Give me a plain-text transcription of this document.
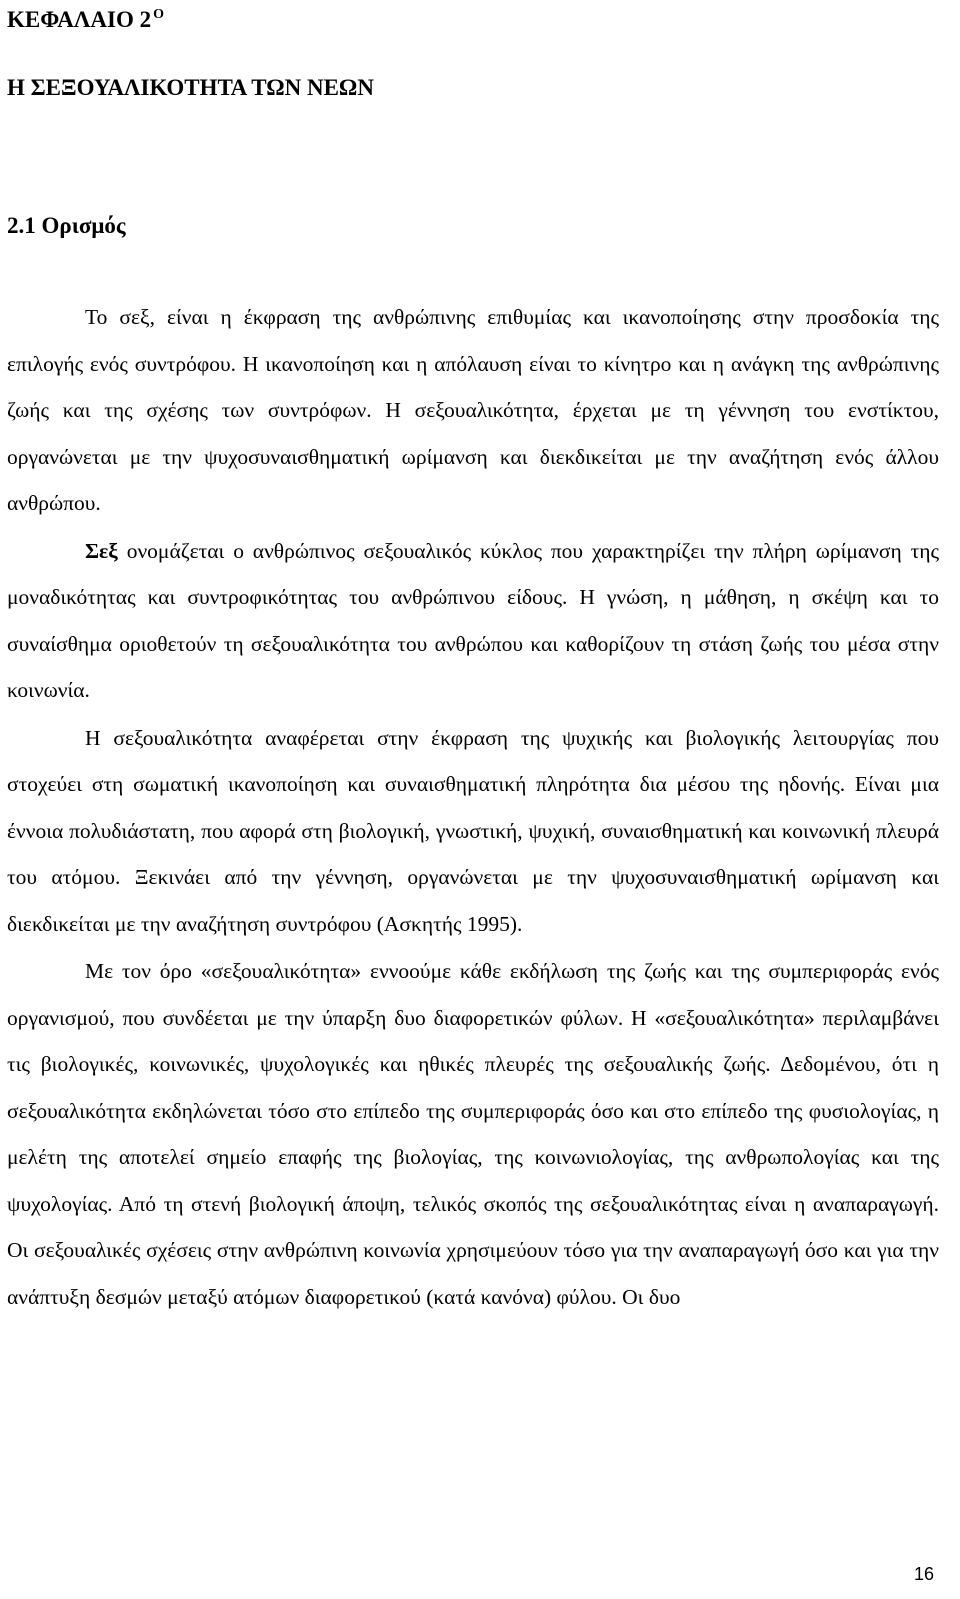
ΚΕΦΑΛΑΙΟ 2 $^O$
Η ΣΕΞΟΥΑΛΙΚΟΤΗΤΑ ΤΩΝ ΝΕΩΝ
2.1 Ορισμός

Το σεξ, είναι η έκφραση της ανθρώπινης επιθυμίας και ικανοποίησης στην προσδοκία της επιλογής ενός συντρόφου. Η ικανοποίηση και η απόλαυση είναι το κίνητρο και η ανάγκη της ανθρώπινης ζωής και της σχέσης των συντρόφων. Η σεξουαλικότητα, έρχεται με τη γέννηση του ενστίκτου, οργανώνεται με την ψυχοσυναισθηματική ωρίμανση και διεκδικείται με την αναζήτηση ενός άλλου ανθρώπου.

Σεξ ονομάζεται ο ανθρώπινος σεξουαλικός κύκλος που χαρακτηρίζει την πλήρη ωρίμανση της μοναδικότητας και συντροφικότητας του ανθρώπινου είδους. Η γνώση, η μάθηση, η σκέψη και το συναίσθημα οριοθετούν τη σεξουαλικότητα του ανθρώπου και καθορίζουν τη στάση ζωής του μέσα στην κοινωνία.

Η σεξουαλικότητα αναφέρεται στην έκφραση της ψυχικής και βιολογικής λειτουργίας που στοχεύει στη σωματική ικανοποίηση και συναισθηματική πληρότητα δια μέσου της ηδονής. Είναι μια έννοια πολυδιάστατη, που αφορά στη βιολογική, γνωστική, ψυχική, συναισθηματική και κοινωνική πλευρά του ατόμου. Ξεκινάει από την γέννηση, οργανώνεται με την ψυχοσυναισθηματική ωρίμανση και διεκδικείται με την αναζήτηση συντρόφου (Ασκητής 1995).

Με τον όρο «σεξουαλικότητα» εννοούμε κάθε εκδήλωση της ζωής και της συμπεριφοράς ενός οργανισμού, που συνδέεται με την ύπαρξη δυο διαφορετικών φύλων. Η «σεξουαλικότητα» περιλαμβάνει τις βιολογικές, κοινωνικές, ψυχολογικές και ηθικές πλευρές της σεξουαλικής ζωής. Δεδομένου, ότι η σεξουαλικότητα εκδηλώνεται τόσο στο επίπεδο της συμπεριφοράς όσο και στο επίπεδο της φυσιολογίας, η μελέτη της αποτελεί σημείο επαφής της βιολογίας, της κοινωνιολογίας, της ανθρωπολογίας και της ψυχολογίας. Από τη στενή βιολογική άποψη, τελικός σκοπός της σεξουαλικότητας είναι η αναπαραγωγή. Οι σεξουαλικές σχέσεις στην ανθρώπινη κοινωνία χρησιμεύουν τόσο για την αναπαραγωγή όσο και για την ανάπτυξη δεσμών μεταξύ ατόμων διαφορετικού (κατά κανόνα) φύλου. Οι δυο

16
